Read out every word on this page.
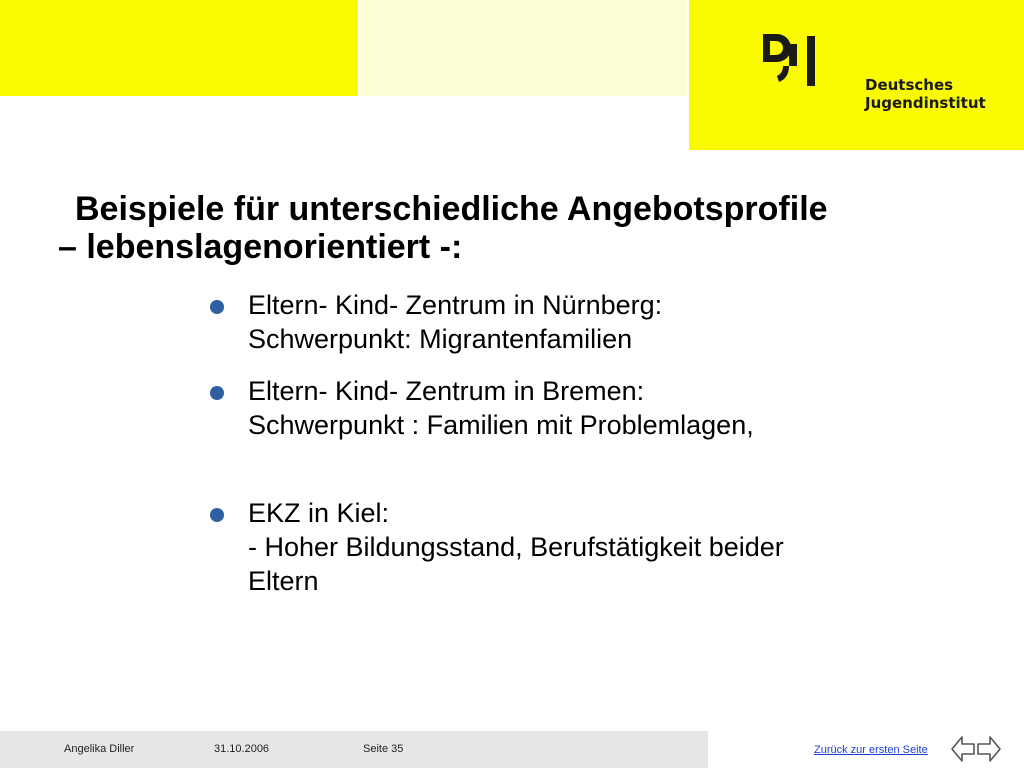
Deutsches
Jugendinstitut
Beispiele für unterschiedliche Angebotsprofile
– lebenslagenorientiert -:
Eltern- Kind- Zentrum in Nürnberg:
Schwerpunkt: Migrantenfamilien
Eltern- Kind- Zentrum in Bremen:
Schwerpunkt : Familien mit Problemlagen,
EKZ in Kiel:
- Hoher Bildungsstand, Berufstätigkeit beider
Eltern
Angelika Diller	31.10.2006	Seite 35	Zurück zur ersten Seite
